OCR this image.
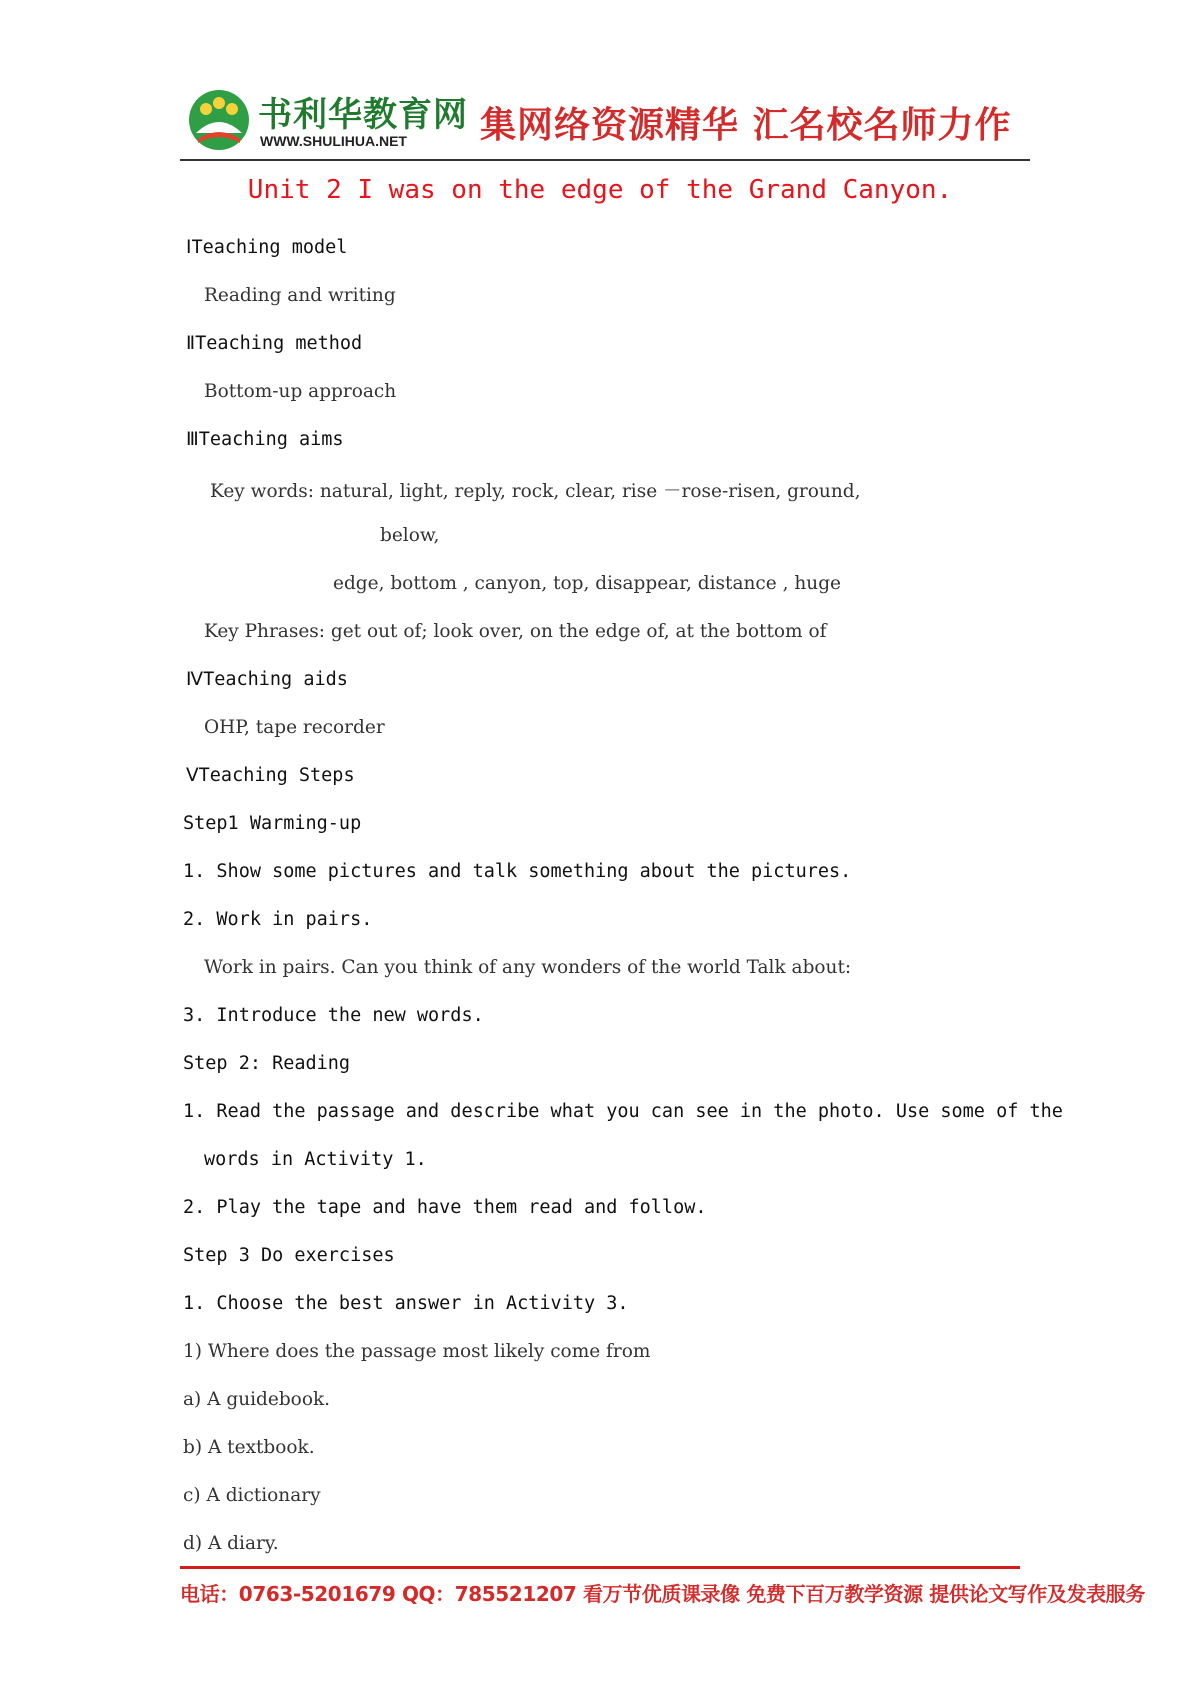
书利华教育网
WWW.SHULIHUA.NET 集网络资源精华 汇名校名师力作
Unit 2 I was on the edge of the Grand Canyon.
ⅠTeaching model
Reading and writing
ⅡTeaching method
Bottom-up approach
ⅢTeaching aims
Key words: natural, light, reply, rock, clear, rise －rose-risen, ground,
below,
edge, bottom , canyon, top, disappear, distance , huge
Key Phrases: get out of; look over, on the edge of, at the bottom of
ⅣTeaching aids
OHP, tape recorder
ⅤTeaching Steps
Step1 Warming-up
1. Show some pictures and talk something about the pictures.
2. Work in pairs.
Work in pairs. Can you think of any wonders of the world Talk about:
3. Introduce the new words.
Step 2: Reading
1. Read the passage and describe what you can see in the photo. Use some of the
words in Activity 1.
2. Play the tape and have them read and follow.
Step 3 Do exercises
1. Choose the best answer in Activity 3.
1) Where does the passage most likely come from
a) A guidebook.
b) A textbook.
c) A dictionary
d) A diary.
电话：0763-5201679 QQ：785521207 看万节优质课录像 免费下百万教学资源 提供论文写作及发表服务
